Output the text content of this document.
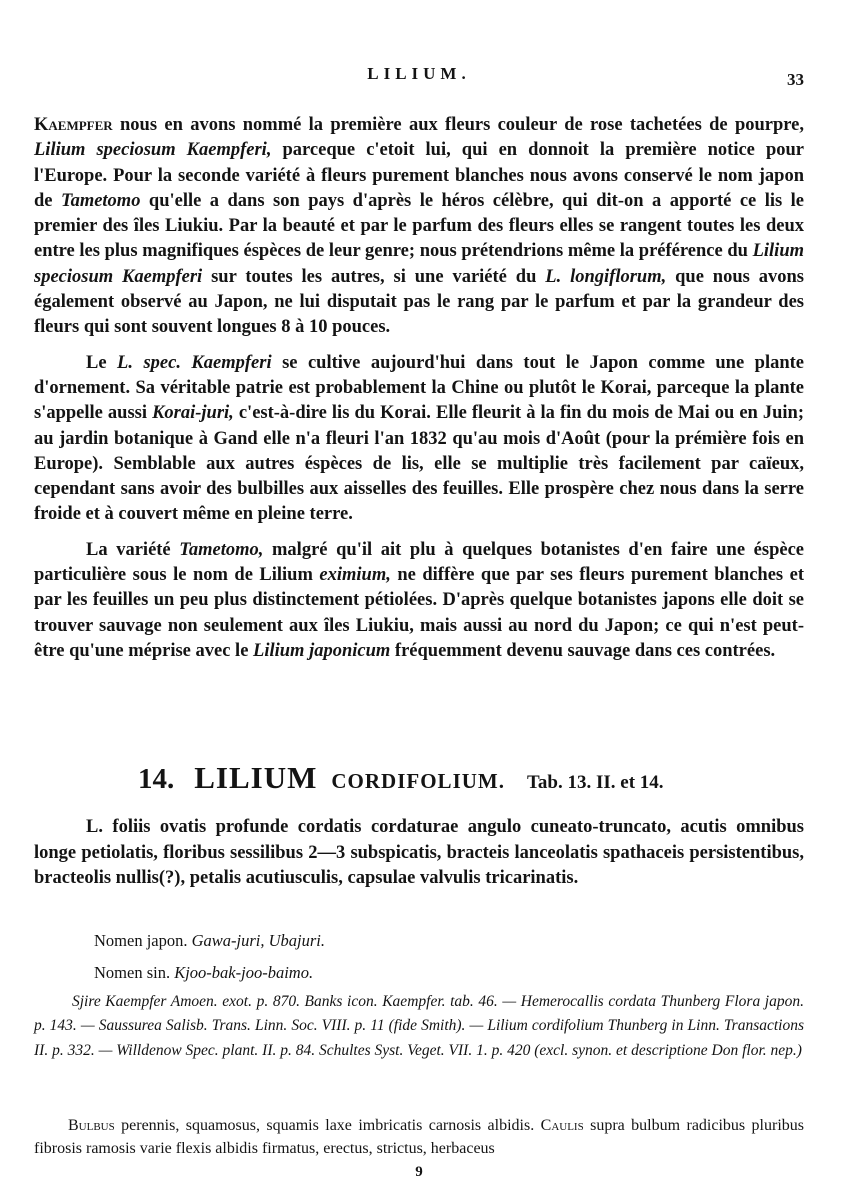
LILIUM.	33

Kaempfer nous en avons nommé la première aux fleurs couleur de rose tachetées de pourpre, Lilium speciosum Kaempferi, parceque c'etoit lui, qui en donnoit la première notice pour l'Europe. Pour la seconde variété à fleurs purement blanches nous avons conservé le nom japon de Tametomo qu'elle a dans son pays d'après le héros célèbre, qui dit-on a apporté ce lis le premier des îles Liukiu. Par la beauté et par le parfum des fleurs elles se rangent toutes les deux entre les plus magnifiques éspèces de leur genre; nous prétendrions même la préférence du Lilium speciosum Kaempferi sur toutes les autres, si une variété du L. longiflorum, que nous avons également observé au Japon, ne lui disputait pas le rang par le parfum et par la grandeur des fleurs qui sont souvent longues 8 à 10 pouces.

Le L. spec. Kaempferi se cultive aujourd'hui dans tout le Japon comme une plante d'ornement. Sa véritable patrie est probablement la Chine ou plutôt le Korai, parceque la plante s'appelle aussi Korai-juri, c'est-à-dire lis du Korai. Elle fleurit à la fin du mois de Mai ou en Juin; au jardin botanique à Gand elle n'a fleuri l'an 1832 qu'au mois d'Août (pour la prémière fois en Europe). Semblable aux autres éspèces de lis, elle se multiplie très facilement par caïeux, cependant sans avoir des bulbilles aux aisselles des feuilles. Elle prospère chez nous dans la serre froide et à couvert même en pleine terre.

La variété Tametomo, malgré qu'il ait plu à quelques botanistes d'en faire une éspèce particulière sous le nom de Lilium eximium, ne diffère que par ses fleurs purement blanches et par les feuilles un peu plus distinctement pétiolées. D'après quelque botanistes japons elle doit se trouver sauvage non seulement aux îles Liukiu, mais aussi au nord du Japon; ce qui n'est peut-être qu'une méprise avec le Lilium japonicum fréquemment devenu sauvage dans ces contrées.

14. LILIUM CORDIFOLIUM. Tab. 13. II. et 14.

L. foliis ovatis profunde cordatis cordaturae angulo cuneato-truncato, acutis omnibus longe petiolatis, floribus sessilibus 2—3 subspicatis, bracteis lanceolatis spathaceis persistentibus, bracteolis nullis(?), petalis acutiusculis, capsulae valvulis tricarinatis.

Nomen japon. Gawa-juri, Ubajuri.
Nomen sin. Kjoo-bak-joo-baimo.
Sjire Kaempfer Amoen. exot. p. 870. Banks icon. Kaempfer. tab. 46. — Hemerocallis cordata Thunberg Flora japon. p. 143. — Saussurea Salisb. Trans. Linn. Soc. VIII. p. 11 (fide Smith). — Lilium cordifolium Thunberg in Linn. Transactions II. p. 332. — Willdenow Spec. plant. II. p. 84. Schultes Syst. Veget. VII. 1. p. 420 (excl. synon. et descriptione Don flor. nep.)
Bulbus perennis, squamosus, squamis laxe imbricatis carnosis albidis. Caulis supra bulbum radicibus pluribus fibrosis ramosis varie flexis albidis firmatus, erectus, strictus, herbaceus
9
